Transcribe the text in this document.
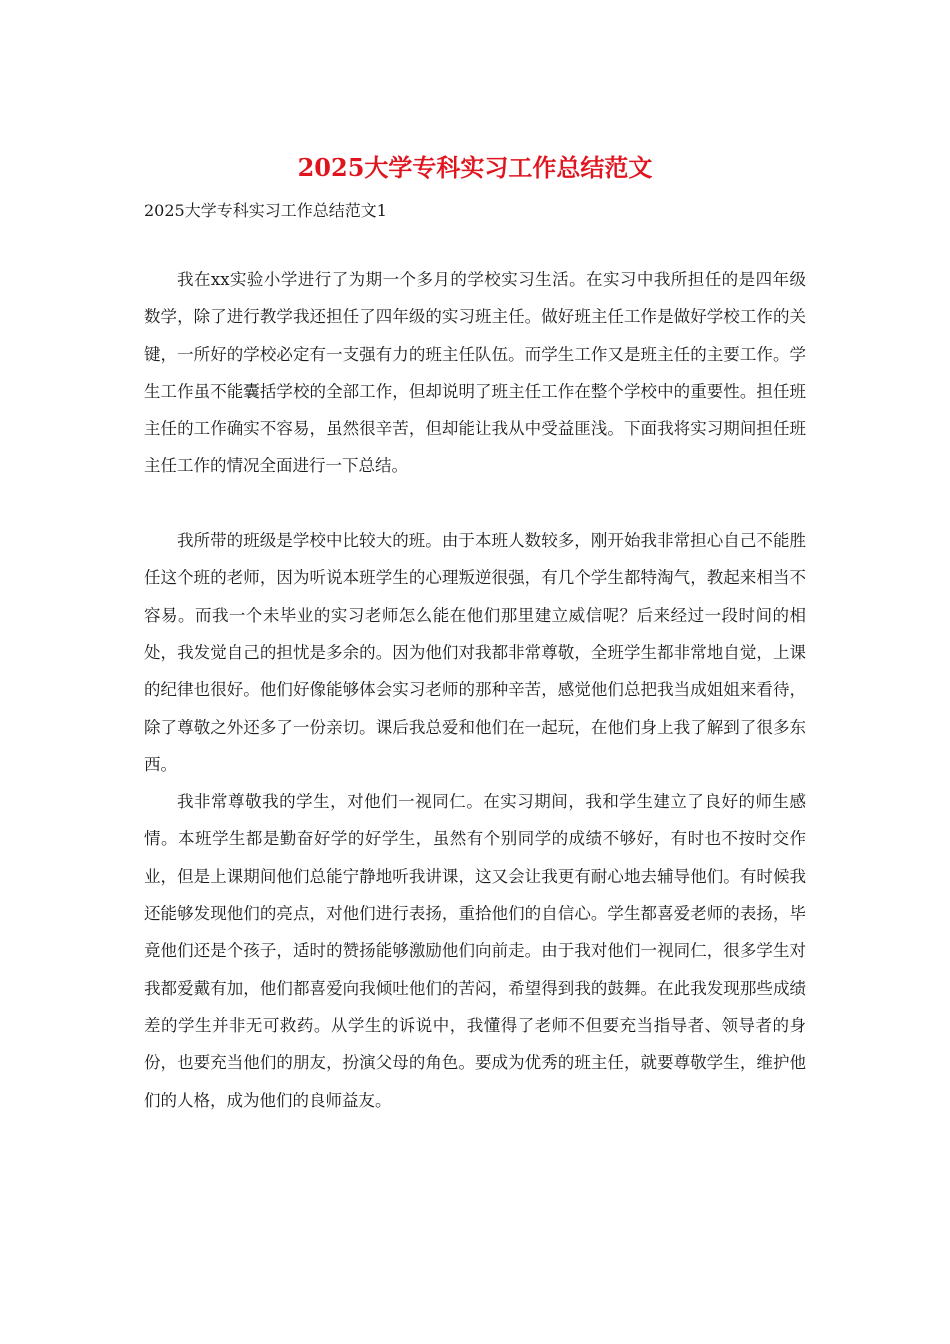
2025大学专科实习工作总结范文

2025大学专科实习工作总结范文1

我在xx实验小学进行了为期一个多月的学校实习生活。在实习中我所担任的是四年级数学，除了进行教学我还担任了四年级的实习班主任。做好班主任工作是做好学校工作的关键，一所好的学校必定有一支强有力的班主任队伍。而学生工作又是班主任的主要工作。学生工作虽不能囊括学校的全部工作，但却说明了班主任工作在整个学校中的重要性。担任班主任的工作确实不容易，虽然很辛苦，但却能让我从中受益匪浅。下面我将实习期间担任班主任工作的情况全面进行一下总结。

我所带的班级是学校中比较大的班。由于本班人数较多，刚开始我非常担心自己不能胜任这个班的老师，因为听说本班学生的心理叛逆很强，有几个学生都特淘气，教起来相当不容易。而我一个未毕业的实习老师怎么能在他们那里建立威信呢？后来经过一段时间的相处，我发觉自己的担忧是多余的。因为他们对我都非常尊敬，全班学生都非常地自觉，上课的纪律也很好。他们好像能够体会实习老师的那种辛苦，感觉他们总把我当成姐姐来看待，除了尊敬之外还多了一份亲切。课后我总爱和他们在一起玩，在他们身上我了解到了很多东西。

我非常尊敬我的学生，对他们一视同仁。在实习期间，我和学生建立了良好的师生感情。本班学生都是勤奋好学的好学生，虽然有个别同学的成绩不够好，有时也不按时交作业，但是上课期间他们总能宁静地听我讲课，这又会让我更有耐心地去辅导他们。有时候我还能够发现他们的亮点，对他们进行表扬，重拾他们的自信心。学生都喜爱老师的表扬，毕竟他们还是个孩子，适时的赞扬能够激励他们向前走。由于我对他们一视同仁，很多学生对我都爱戴有加，他们都喜爱向我倾吐他们的苦闷，希望得到我的鼓舞。在此我发现那些成绩差的学生并非无可救药。从学生的诉说中，我懂得了老师不但要充当指导者、领导者的身份，也要充当他们的朋友，扮演父母的角色。要成为优秀的班主任，就要尊敬学生，维护他们的人格，成为他们的良师益友。
